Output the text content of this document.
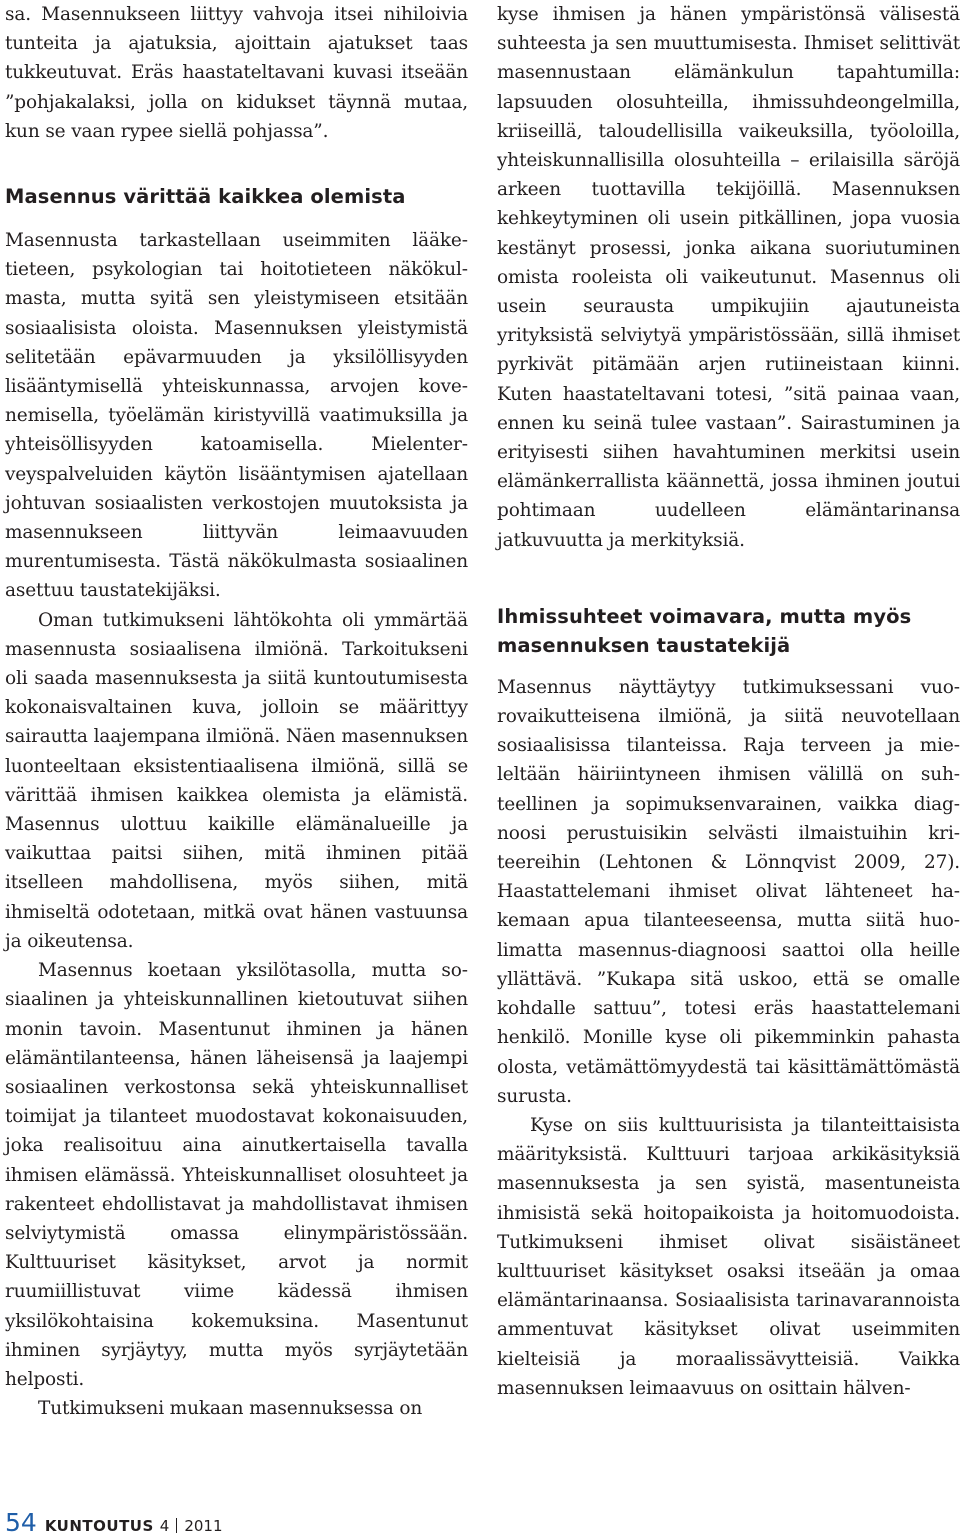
sa. Masennukseen liittyy vahvoja itsei nihiloivia tunteita ja ajatuksia, ajoittain ajatukset taas tukkeutuvat. Eräs haastateltavani kuvasi itseään ”pohjakalaksi, jolla on kidukset täynnä mutaa, kun se vaan rypee siellä pohjassa”.

Masennus värittää kaikkea olemista

Masennusta tarkastellaan useimmiten lääketieteen, psykologian tai hoitotieteen näkökulmasta, mutta syitä sen yleistymiseen etsitään sosiaalisista oloista. Masennuksen yleistymistä selitetään epävarmuuden ja yksilöllisyyden lisääntymisellä yhteiskunnassa, arvojen kovenemisella, työelämän kiristyvillä vaatimuksilla ja yhteisöllisyyden katoamisella. Mielenterveyspalveluiden käytön lisääntymisen ajatellaan johtuvan sosiaalisten verkostojen muutoksista ja masennukseen liittyvän leimaavuuden murentumisesta. Tästä näkökulmasta sosiaalinen asettuu taustatekijäksi.

Oman tutkimukseni lähtökohta oli ymmärtää masennusta sosiaalisena ilmiönä. Tarkoitukseni oli saada masennuksesta ja siitä kuntoutumisesta kokonaisvaltainen kuva, jolloin se määrittyy sairautta laajempana ilmiönä. Näen masennuksen luonteeltaan eksistentiaalisena ilmiönä, sillä se värittää ihmisen kaikkea olemista ja elämistä. Masennus ulottuu kaikille elämänalueille ja vaikuttaa paitsi siihen, mitä ihminen pitää itselleen mahdollisena, myös siihen, mitä ihmiseltä odotetaan, mitkä ovat hänen vastuunsa ja oikeutensa.

Masennus koetaan yksilötasolla, mutta sosiaalinen ja yhteiskunnallinen kietoutuvat siihen monin tavoin. Masentunut ihminen ja hänen elämäntilanteensa, hänen läheisensä ja laajempi sosiaalinen verkostonsa sekä yhteiskunnalliset toimijat ja tilanteet muodostavat kokonaisuuden, joka realisoituu aina ainutkertaisella tavalla ihmisen elämässä. Yhteiskunnalliset olosuhteet ja rakenteet ehdollistavat ja mahdollistavat ihmisen selviytymistä omassa elinympäristössään. Kulttuuriset käsitykset, arvot ja normit ruumiillistuvat viime kädessä ihmisen yksilökohtaisina kokemuksina. Masentunut ihminen syrjäytyy, mutta myös syrjäytetään helposti.

Tutkimukseni mukaan masennuksessa on

kyse ihmisen ja hänen ympäristönsä välisestä suhteesta ja sen muuttumisesta. Ihmiset selittivät masennustaan elämänkulun tapahtumilla: lapsuuden olosuhteilla, ihmissuhdeongelmilla, kriiseillä, taloudellisilla vaikeuksilla, työoloilla, yhteiskunnallisilla olosuhteilla – erilaisilla säröjä arkeen tuottavilla tekijöillä. Masennuksen kehkeytyminen oli usein pitkällinen, jopa vuosia kestänyt prosessi, jonka aikana suoriutuminen omista rooleista oli vaikeutunut. Masennus oli usein seurausta umpikujiin ajautuneista yrityksistä selviytyä ympäristössään, sillä ihmiset pyrkivät pitämään arjen rutiineistaan kiinni. Kuten haastateltavani totesi, ”sitä painaa vaan, ennen ku seinä tulee vastaan”. Sairastuminen ja erityisesti siihen havahtuminen merkitsi usein elämänkerrallista käännettä, jossa ihminen joutui pohtimaan uudelleen elämäntarinansa jatkuvuutta ja merkityksiä.

Ihmissuhteet voimavara, mutta myös masennuksen taustatekijä

Masennus näyttäytyy tutkimuksessani vuorovaikutteisena ilmiönä, ja siitä neuvotellaan sosiaalisissa tilanteissa. Raja terveen ja mieleltään häiriintyneen ihmisen välillä on suhteellinen ja sopimuksenvarainen, vaikka diagnoosi perustuisikin selvästi ilmaistuihin kriteereihin (Lehtonen & Lönnqvist 2009, 27). Haastattelemani ihmiset olivat lähteneet hakemaan apua tilanteeseensa, mutta siitä huolimatta masennus-diagnoosi saattoi olla heille yllättävä. ”Kukapa sitä uskoo, että se omalle kohdalle sattuu”, totesi eräs haastattelemani henkilö. Monille kyse oli pikemminkin pahasta olosta, vetämättömyydestä tai käsittämättömästä surusta.

Kyse on siis kulttuurisista ja tilanteittaisista määrityksistä. Kulttuuri tarjoaa arkikäsityksiä masennuksesta ja sen syistä, masentuneista ihmisistä sekä hoitopaikoista ja hoitomuodoista. Tutkimukseni ihmiset olivat sisäistäneet kulttuuriset käsitykset osaksi itseään ja omaa elämäntarinaansa. Sosiaalisista tarinavarannoista ammentuvat käsitykset olivat useimmiten kielteisiä ja moraalissävytteisiä. Vaikka masennuksen leimaavuus on osittain hälven-

54 KUNTOUTUS 4 2011
